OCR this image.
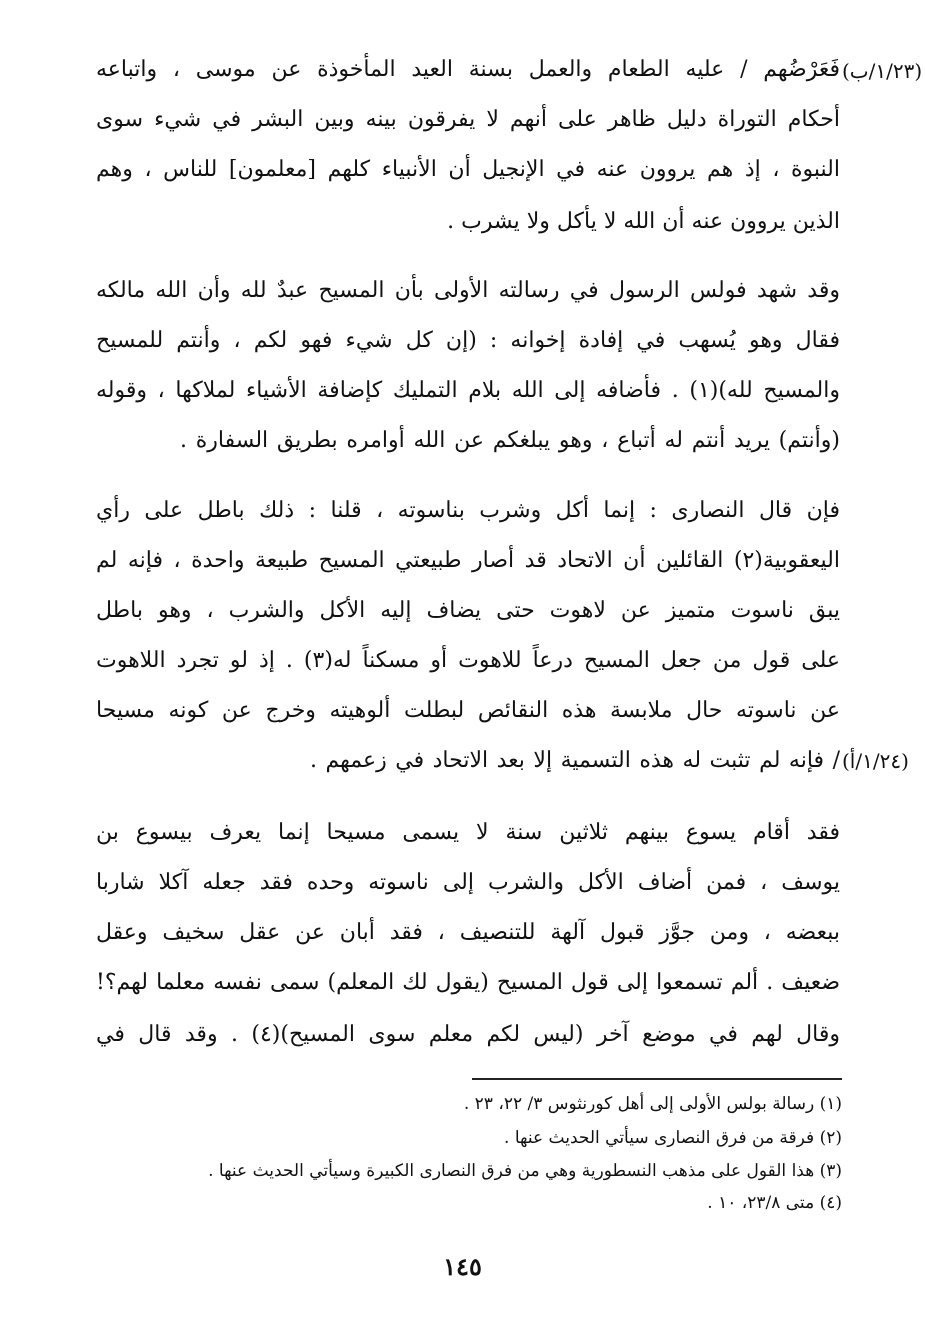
(١/٢٣/ب)
فَعَرْضُهم / عليه الطعام والعمل بسنة العيد المأخوذة عن موسى ، واتباعه
أحكام التوراة دليل ظاهر على أنهم لا يفرقون بينه وبين البشر في شيء سوى
النبوة ، إذ هم يروون عنه في الإنجيل أن الأنبياء كلهم [معلمون] للناس ، وهم
الذين يروون عنه أن الله لا يأكل ولا يشرب .
وقد شهد فولس الرسول في رسالته الأولى بأن المسيح عبدٌ لله وأن الله مالكه
فقال وهو يُسهب في إفادة إخوانه : (إن كل شيء فهو لكم ، وأنتم للمسيح
والمسيح لله)(١) . فأضافه إلى الله بلام التمليك كإضافة الأشياء لملاكها ، وقوله
(وأنتم) يريد أنتم له أتباع ، وهو يبلغكم عن الله أوامره بطريق السفارة .
فإن قال النصارى : إنما أكل وشرب بناسوته ، قلنا : ذلك باطل على رأي
اليعقوبية(٢) القائلين أن الاتحاد قد أصار طبيعتي المسيح طبيعة واحدة ، فإنه لم
يبق ناسوت متميز عن لاهوت حتى يضاف إليه الأكل والشرب ، وهو باطل
على قول من جعل المسيح درعاً للاهوت أو مسكناً له(٣) . إذ لو تجرد اللاهوت
عن ناسوته حال ملابسة هذه النقائص لبطلت ألوهيته وخرج عن كونه مسيحا
/ فإنه لم تثبت له هذه التسمية إلا بعد الاتحاد في زعمهم . (١/٢٤/أ)
فقد أقام يسوع بينهم ثلاثين سنة لا يسمى مسيحا إنما يعرف بيسوع بن
يوسف ، فمن أضاف الأكل والشرب إلى ناسوته وحده فقد جعله آكلا شاربا
ببعضه ، ومن جوَّز قبول آلهة للتنصيف ، فقد أبان عن عقل سخيف وعقل
ضعيف . ألم تسمعوا إلى قول المسيح (يقول لك المعلم) سمى نفسه معلما لهم؟!
وقال لهم في موضع آخر (ليس لكم معلم سوى المسيح)(٤) . وقد قال في
(١) رسالة بولس الأولى إلى أهل كورنثوس ٣/ ٢٢، ٢٣ .
(٢) فرقة من فرق النصارى سيأتي الحديث عنها .
(٣) هذا القول على مذهب النسطورية وهي من فرق النصارى الكبيرة وسيأتي الحديث عنها .
(٤) متى ٢٣/٨، ١٠ .
١٤٥
